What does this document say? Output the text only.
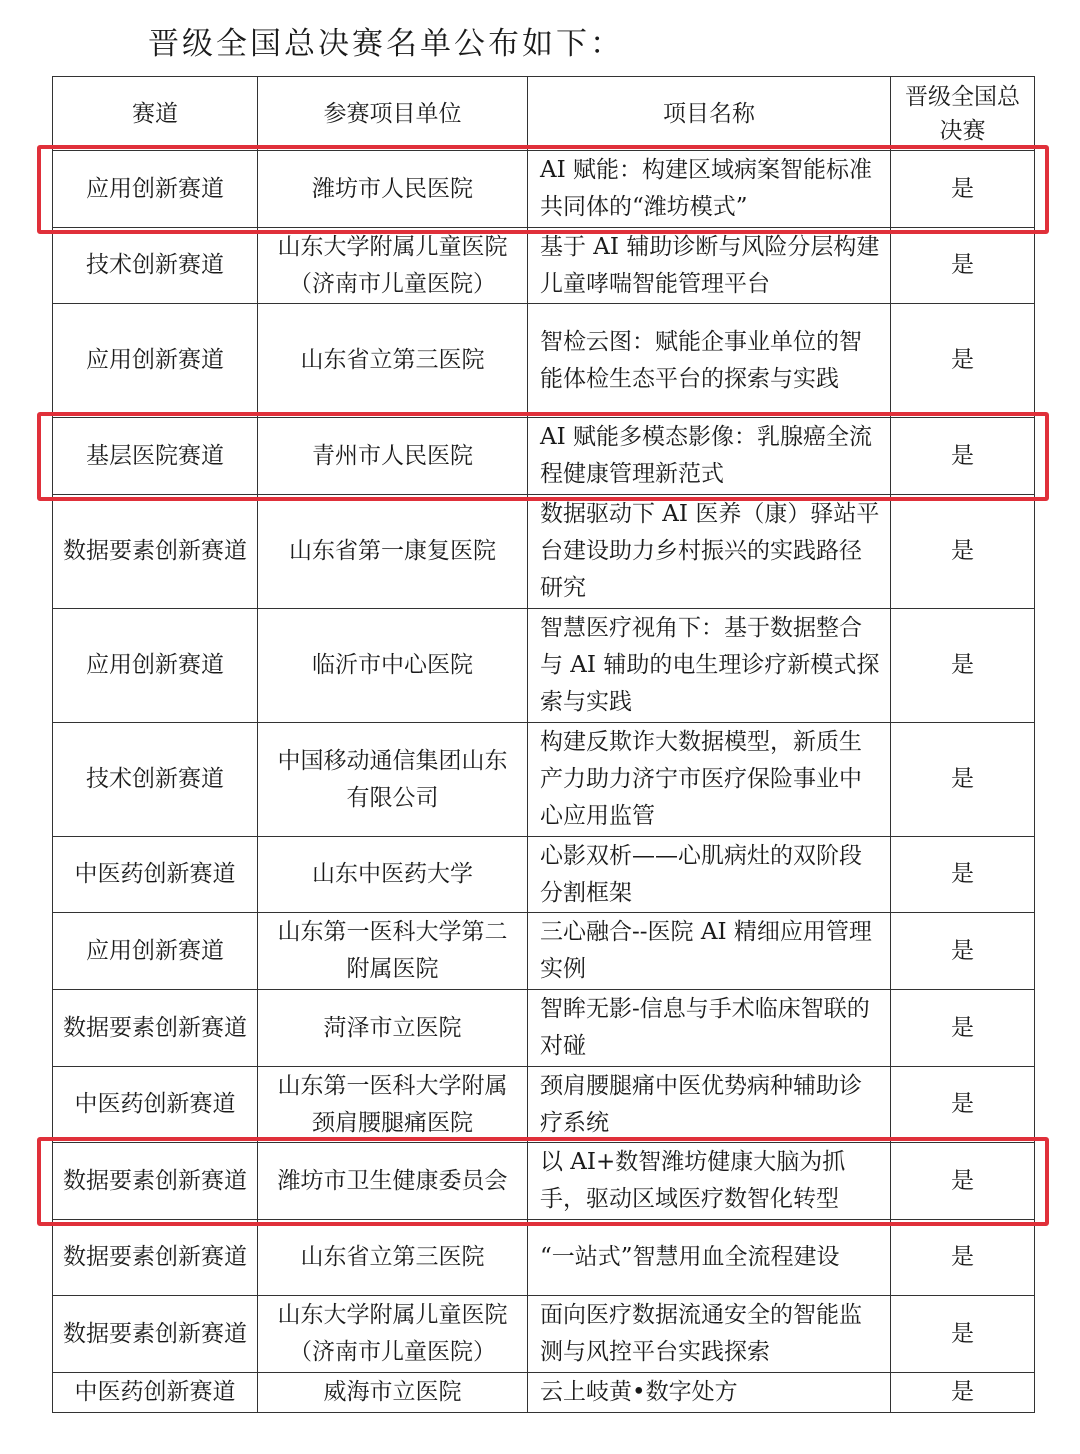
晋级全国总决赛名单公布如下：
赛道	参赛项目单位	项目名称	晋级全国总决赛
应用创新赛道	潍坊市人民医院	AI 赋能：构建区域病案智能标准共同体的“潍坊模式”	是
技术创新赛道	山东大学附属儿童医院（济南市儿童医院）	基于 AI 辅助诊断与风险分层构建儿童哮喘智能管理平台	是
应用创新赛道	山东省立第三医院	智检云图：赋能企事业单位的智能体检生态平台的探索与实践	是
基层医院赛道	青州市人民医院	AI 赋能多模态影像：乳腺癌全流程健康管理新范式	是
数据要素创新赛道	山东省第一康复医院	数据驱动下 AI 医养（康）驿站平台建设助力乡村振兴的实践路径研究	是
应用创新赛道	临沂市中心医院	智慧医疗视角下：基于数据整合与 AI 辅助的电生理诊疗新模式探索与实践	是
技术创新赛道	中国移动通信集团山东有限公司	构建反欺诈大数据模型，新质生产力助力济宁市医疗保险事业中心应用监管	是
中医药创新赛道	山东中医药大学	心影双析——心肌病灶的双阶段分割框架	是
应用创新赛道	山东第一医科大学第二附属医院	三心融合--医院 AI 精细应用管理实例	是
数据要素创新赛道	菏泽市立医院	智眸无影-信息与手术临床智联的对碰	是
中医药创新赛道	山东第一医科大学附属颈肩腰腿痛医院	颈肩腰腿痛中医优势病种辅助诊疗系统	是
数据要素创新赛道	潍坊市卫生健康委员会	以 AI+数智潍坊健康大脑为抓手，驱动区域医疗数智化转型	是
数据要素创新赛道	山东省立第三医院	“一站式”智慧用血全流程建设	是
数据要素创新赛道	山东大学附属儿童医院（济南市儿童医院）	面向医疗数据流通安全的智能监测与风控平台实践探索	是
中医药创新赛道	威海市立医院	云上岐黄•数字处方	是
